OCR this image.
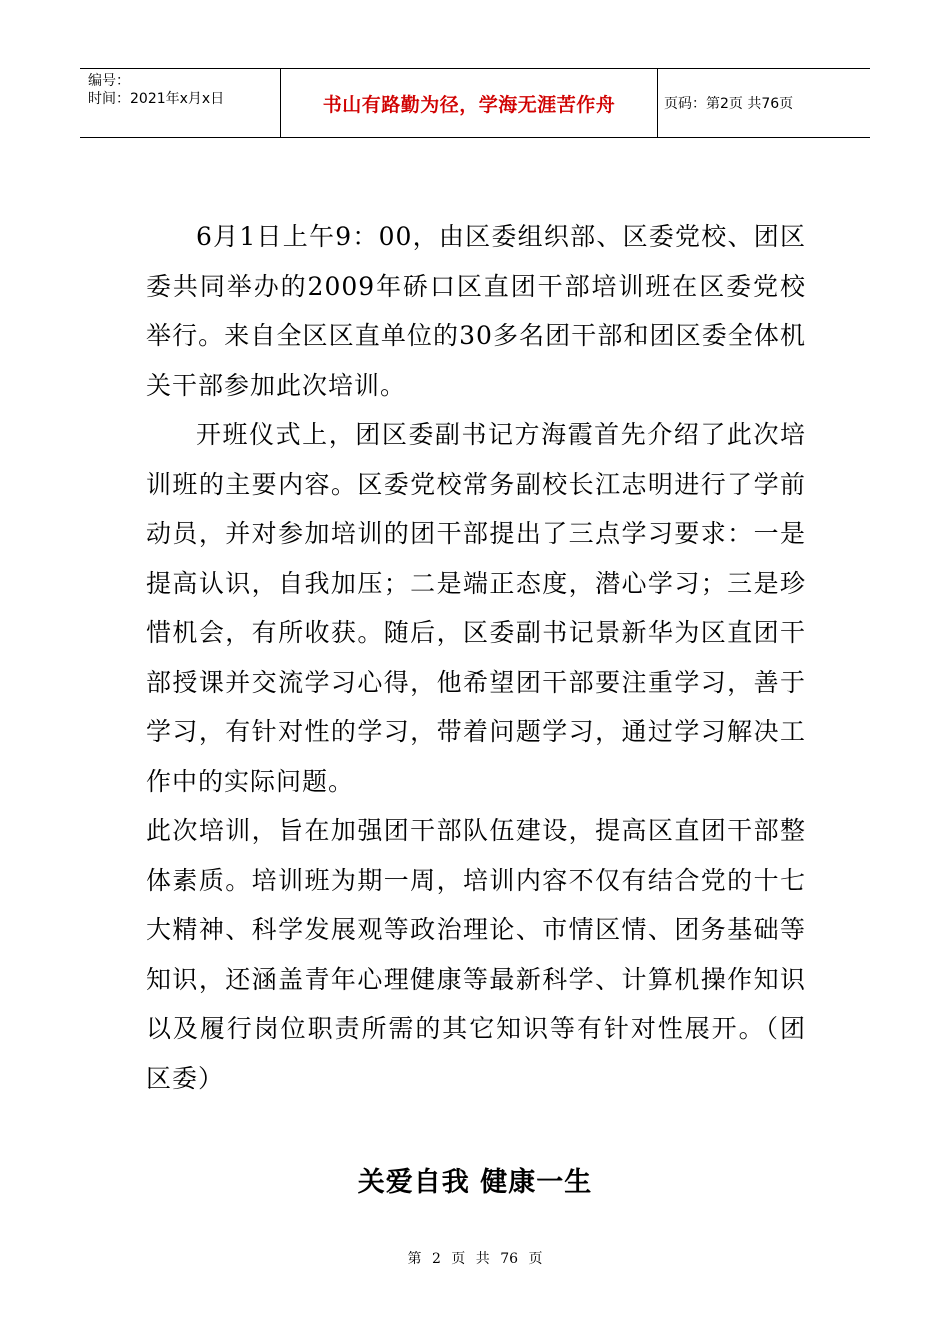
编号：
时间：2021年x月x日	书山有路勤为径，学海无涯苦作舟	页码：第2页 共76页

6月1日上午9：00，由区委组织部、区委党校、团区委共同举办的2009年硚口区直团干部培训班在区委党校举行。来自全区区直单位的30多名团干部和团区委全体机关干部参加此次培训。

开班仪式上，团区委副书记方海霞首先介绍了此次培训班的主要内容。区委党校常务副校长江志明进行了学前动员，并对参加培训的团干部提出了三点学习要求：一是提高认识，自我加压；二是端正态度，潜心学习；三是珍惜机会，有所收获。随后，区委副书记景新华为区直团干部授课并交流学习心得，他希望团干部要注重学习，善于学习，有针对性的学习，带着问题学习，通过学习解决工作中的实际问题。

此次培训，旨在加强团干部队伍建设，提高区直团干部整体素质。培训班为期一周，培训内容不仅有结合党的十七大精神、科学发展观等政治理论、市情区情、团务基础等知识，还涵盖青年心理健康等最新科学、计算机操作知识以及履行岗位职责所需的其它知识等有针对性展开。（团区委）

关爱自我 健康一生
第 2 页 共 76 页
